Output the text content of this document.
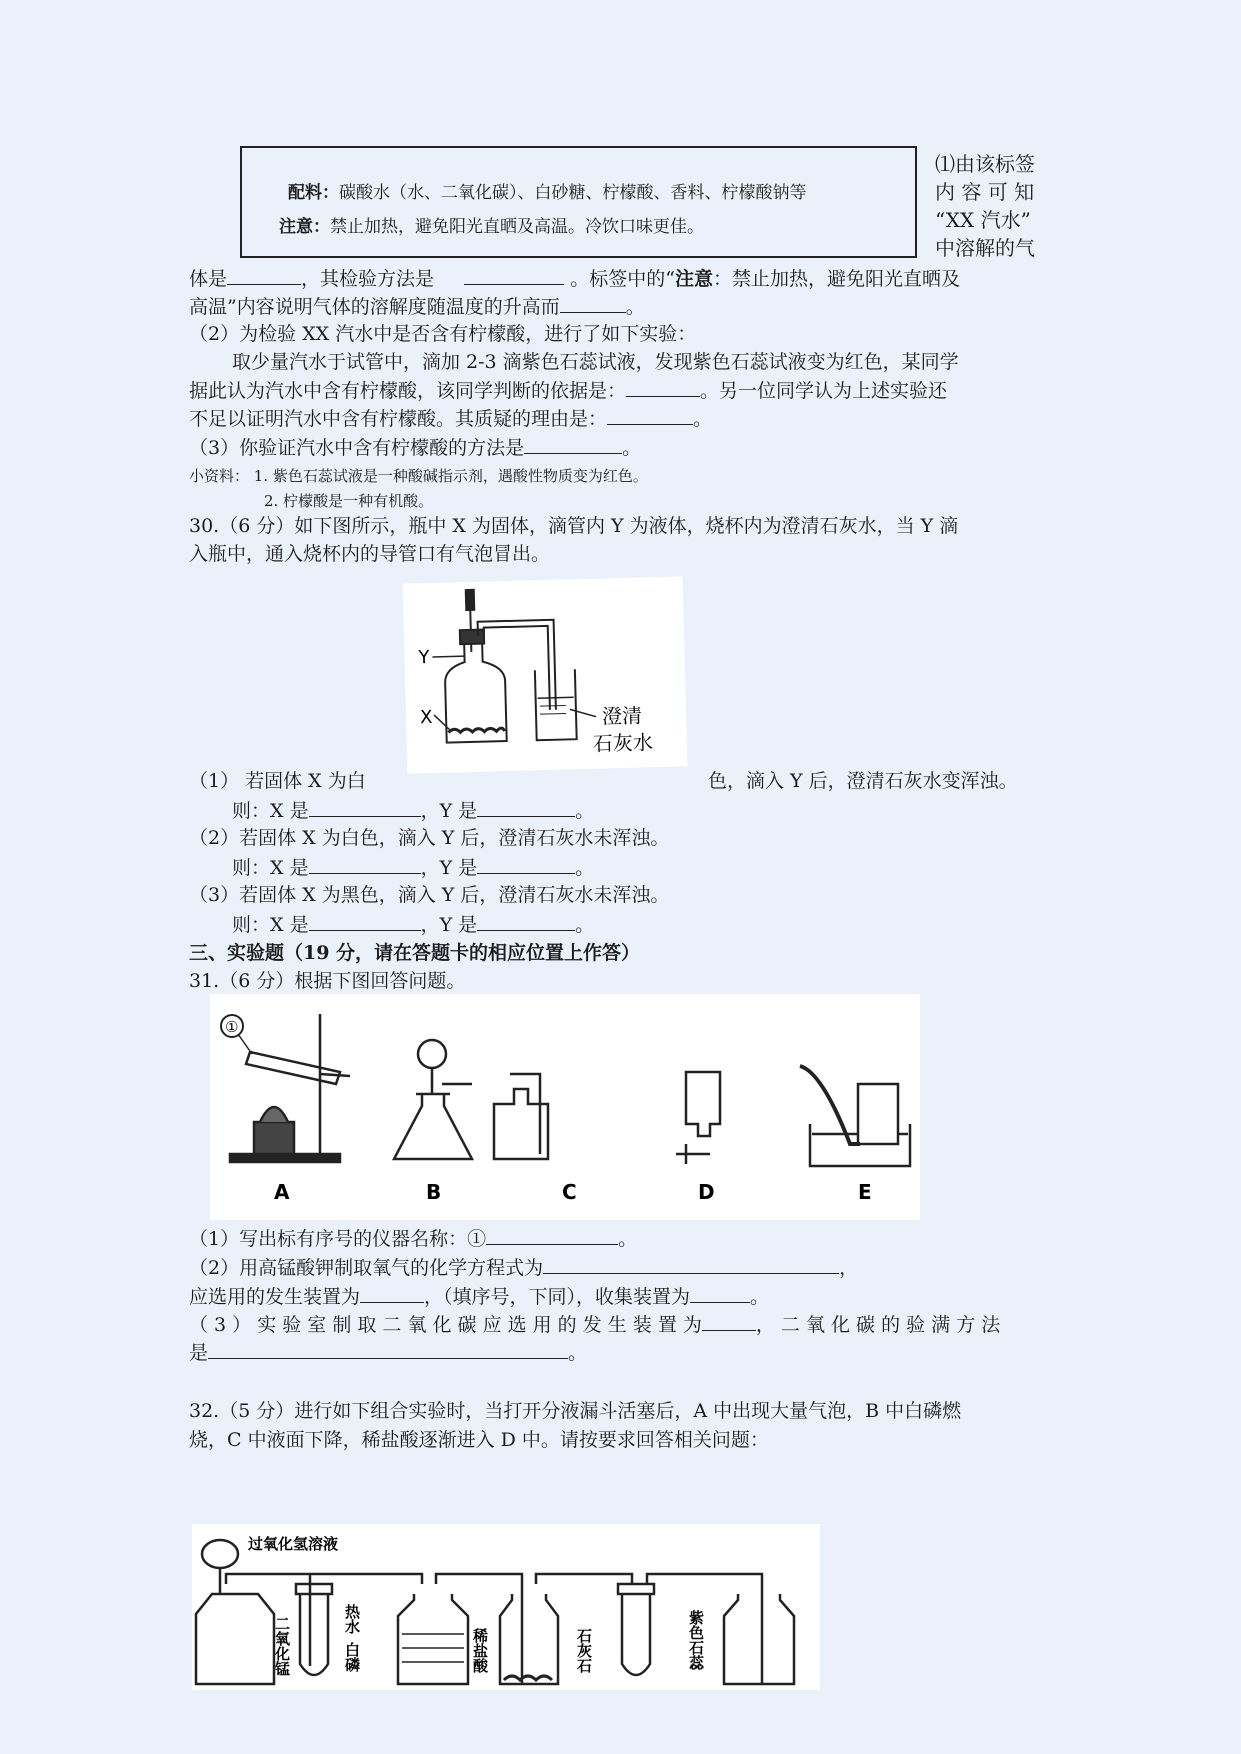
配料：碳酸水（水、二氧化碳）、白砂糖、柠檬酸、香料、柠檬酸钠等
注意：禁止加热，避免阳光直晒及高温。冷饮口味更佳。
⑴由该标签
内 容 可 知
“XX 汽水”
中溶解的气
体是	，其检验方法是	。标签中的“注意：禁止加热，避免阳光直晒及
高温”内容说明气体的溶解度随温度的升高而	。
（2）为检验 XX 汽水中是否含有柠檬酸，进行了如下实验：
取少量汽水于试管中，滴加 2-3 滴紫色石蕊试液，发现紫色石蕊试液变为红色，某同学
据此认为汽水中含有柠檬酸，该同学判断的依据是：	。另一位同学认为上述实验还
不足以证明汽水中含有柠檬酸。其质疑的理由是：	。
（3）你验证汽水中含有柠檬酸的方法是	。
小资料： 1. 紫色石蕊试液是一种酸碱指示剂，遇酸性物质变为红色。
2. 柠檬酸是一种有机酸。
30.（6 分）如下图所示，瓶中 X 为固体，滴管内 Y 为液体，烧杯内为澄清石灰水，当 Y 滴
入瓶中，通入烧杯内的导管口有气泡冒出。
Y
X	澄清
石灰水
（1） 若固体 X 为白	色，滴入 Y 后，澄清石灰水变浑浊。
则：X 是	，Y 是	。
（2）若固体 X 为白色，滴入 Y 后，澄清石灰水未浑浊。
则：X 是	，Y 是	。
（3）若固体 X 为黑色，滴入 Y 后，澄清石灰水未浑浊。
则：X 是	，Y 是	。
三、实验题（19 分，请在答题卡的相应位置上作答）
31.（6 分）根据下图回答问题。
①
A	B	C	D	E
（1）写出标有序号的仪器名称：①	。
（2）用高锰酸钾制取氧气的化学方程式为	，
应选用的发生装置为	，（填序号，下同），收集装置为	。
（ 3 ） 实 验 室 制 取 二 氧 化 碳 应 选 用 的 发 生 装 置 为	， 二 氧 化 碳 的 验 满 方 法
是	。
32.（5 分）进行如下组合实验时，当打开分液漏斗活塞后，A 中出现大量气泡，B 中白磷燃
烧，C 中液面下降，稀盐酸逐渐进入 D 中。请按要求回答相关问题：
过氧化氢溶液
二氧化锰	热水
白磷	稀盐酸	石灰石	紫色石蕊
